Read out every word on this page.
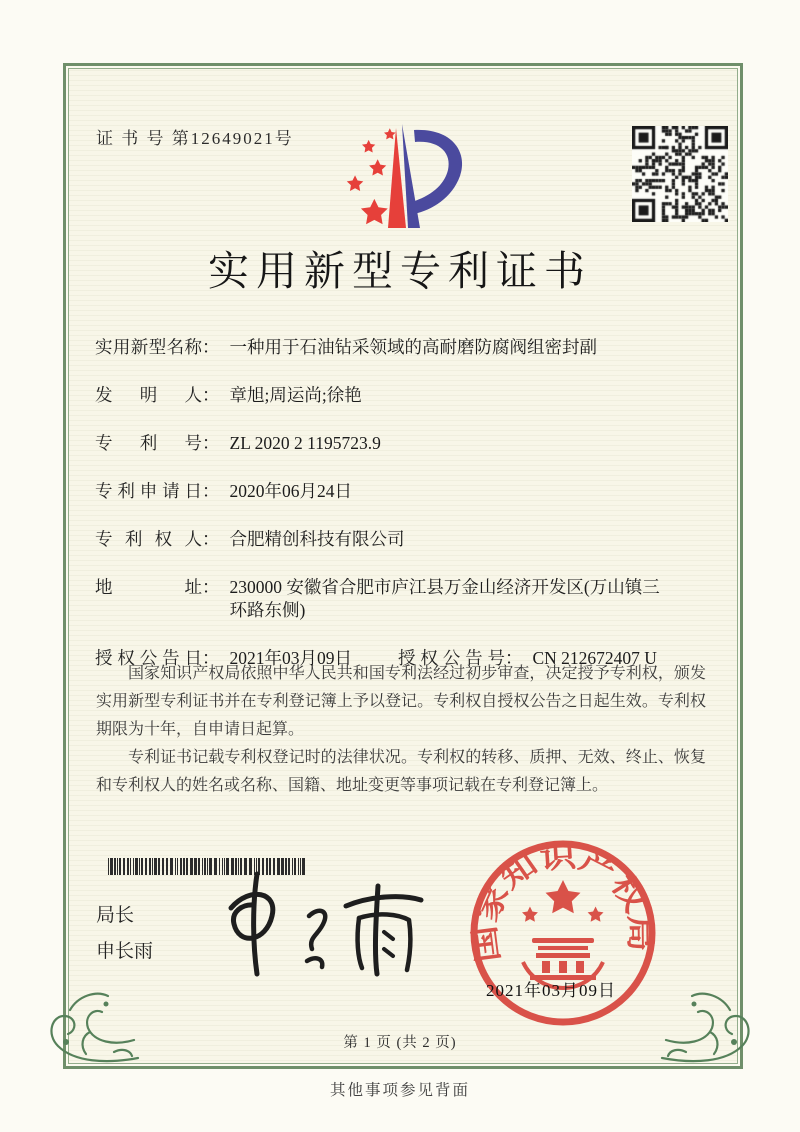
证 书 号 第12649021号
实用新型专利证书
实用新型名称 ： 一种用于石油钻采领域的高耐磨防腐阀组密封副
发明人 ： 章旭;周运尚;徐艳
专利号 ： ZL 2020 2 1195723.9
专利申请日 ： 2020年06月24日
专利权人 ： 合肥精创科技有限公司
地址 ： 230000 安徽省合肥市庐江县万金山经济开发区(万山镇三环路东侧)
授权公告日 ： 2021年03月09日	授权公告号 ： CN 212672407 U

国家知识产权局依照中华人民共和国专利法经过初步审查，决定授予专利权，颁发实用新型专利证书并在专利登记簿上予以登记。专利权自授权公告之日起生效。专利权期限为十年，自申请日起算。

专利证书记载专利权登记时的法律状况。专利权的转移、质押、无效、终止、恢复和专利权人的姓名或名称、国籍、地址变更等事项记载在专利登记簿上。

局长
申长雨	国家知识产权局
2021年03月09日
第 1 页 (共 2 页)
其他事项参见背面
